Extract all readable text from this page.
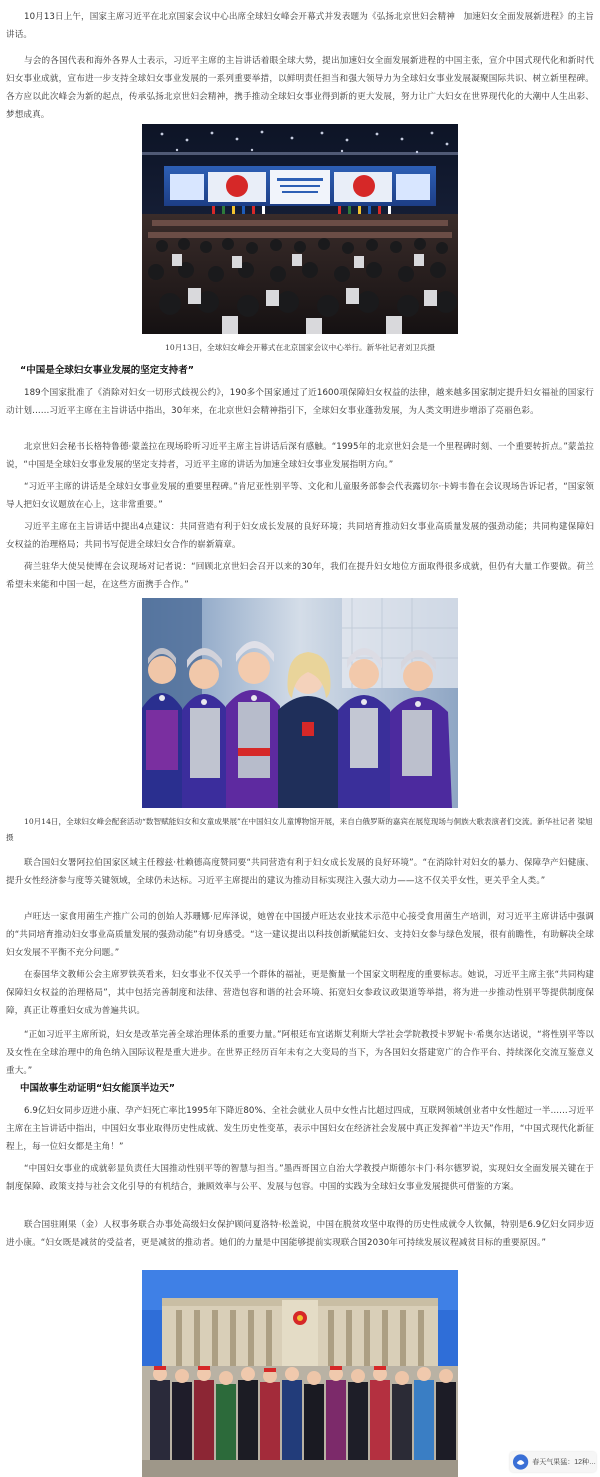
10月13日上午，国家主席习近平在北京国家会议中心出席全球妇女峰会开幕式并发表题为《弘扬北京世妇会精神　加速妇女全面发展新进程》的主旨讲话。

与会的各国代表和海外各界人士表示，习近平主席的主旨讲话着眼全球大势，提出加速妇女全面发展新进程的中国主张，宣介中国式现代化和新时代妇女事业成就，宣布进一步支持全球妇女事业发展的一系列重要举措，以鲜明责任担当和强大领导力为全球妇女事业发展凝聚国际共识、树立新里程碑。各方应以此次峰会为新的起点，传承弘扬北京世妇会精神，携手推动全球妇女事业得到新的更大发展，努力让广大妇女在世界现代化的大潮中人生出彩、梦想成真。

10月13日，全球妇女峰会开幕式在北京国家会议中心举行。新华社记者刘卫兵摄

“中国是全球妇女事业发展的坚定支持者”

189个国家批准了《消除对妇女一切形式歧视公约》，190多个国家通过了近1600项保障妇女权益的法律，越来越多国家制定提升妇女福祉的国家行动计划……习近平主席在主旨讲话中指出，30年来，在北京世妇会精神指引下，全球妇女事业蓬勃发展，为人类文明进步增添了亮丽色彩。

北京世妇会秘书长格特鲁德·蒙盖拉在现场聆听习近平主席主旨讲话后深有感触。“1995年的北京世妇会是一个里程碑时刻、一个重要转折点。”蒙盖拉说，“中国是全球妇女事业发展的坚定支持者，习近平主席的讲话为加速全球妇女事业发展指明方向。”

“习近平主席的讲话是全球妇女事业发展的重要里程碑。”肯尼亚性别平等、文化和儿童服务部参会代表露切尔·卡姆韦鲁在会议现场告诉记者，“国家领导人把妇女议题放在心上，这非常重要。”

习近平主席在主旨讲话中提出4点建议：共同营造有利于妇女成长发展的良好环境；共同培育推动妇女事业高质量发展的强劲动能；共同构建保障妇女权益的治理格局；共同书写促进全球妇女合作的崭新篇章。

荷兰驻华大使吴使博在会议现场对记者说：“回顾北京世妇会召开以来的30年，我们在提升妇女地位方面取得很多成就，但仍有大量工作要做。荷兰希望未来能和中国一起，在这些方面携手合作。”

10月14日，全球妇女峰会配套活动“数智赋能妇女和女童成果展”在中国妇女儿童博物馆开展，来自白俄罗斯的嘉宾在展览现场与侗族大歌表演者们交流。新华社记者 梁旭 摄

联合国妇女署阿拉伯国家区域主任穆兹·杜赖德高度赞同要“共同营造有利于妇女成长发展的良好环境”。“在消除针对妇女的暴力、保障孕产妇健康、提升女性经济参与度等关键领域，全球仍未达标。习近平主席提出的建议为推动目标实现注入强大动力——这不仅关乎女性，更关乎全人类。”

卢旺达一家食用菌生产推广公司的创始人苏珊娜·尼库泽说，她曾在中国援卢旺达农业技术示范中心接受食用菌生产培训，对习近平主席讲话中强调的“共同培育推动妇女事业高质量发展的强劲动能”有切身感受。“这一建议提出以科技创新赋能妇女、支持妇女参与绿色发展，很有前瞻性，有助解决全球妇女发展不平衡不充分问题。”

在泰国华文教师公会主席罗铁英看来，妇女事业不仅关乎一个群体的福祉，更是衡量一个国家文明程度的重要标志。她说，习近平主席主张“共同构建保障妇女权益的治理格局”，其中包括完善制度和法律、营造包容和谐的社会环境、拓宽妇女参政议政渠道等举措，将为进一步推动性别平等提供制度保障，真正让尊重妇女成为普遍共识。

“正如习近平主席所说，妇女是改革完善全球治理体系的重要力量。”阿根廷布宜诺斯艾利斯大学社会学院教授卡罗妮卡·希奥尔达诺说，“将性别平等以及女性在全球治理中的角色纳入国际议程是重大进步。在世界正经历百年未有之大变局的当下，为各国妇女搭建宽广的合作平台、持续深化交流互鉴意义重大。”

中国故事生动证明“妇女能顶半边天”

6.9亿妇女同步迈进小康、孕产妇死亡率比1995年下降近80%、全社会就业人员中女性占比超过四成，互联网领域创业者中女性超过一半……习近平主席在主旨讲话中指出，中国妇女事业取得历史性成就、发生历史性变革，表示中国妇女在经济社会发展中真正发挥着“半边天”作用，“中国式现代化新征程上，每一位妇女都是主角！”

“中国妇女事业的成就彰显负责任大国推动性别平等的智慧与担当。”墨西哥国立自治大学教授卢斯德尔卡门·科尔德罗说，实现妇女全面发展关键在于制度保障、政策支持与社会文化引导的有机结合，兼顾效率与公平、发展与包容。中国的实践为全球妇女事业发展提供可借鉴的方案。

联合国驻刚果（金）人权事务联合办事处高级妇女保护顾问夏洛特·松盖说，中国在脱贫攻坚中取得的历史性成就令人钦佩，特别是6.9亿妇女同步迈进小康。“妇女既是减贫的受益者，更是减贫的推动者。她们的力量是中国能够提前实现联合国2030年可持续发展议程减贫目标的重要原因。”

春天气果猛：12种…
